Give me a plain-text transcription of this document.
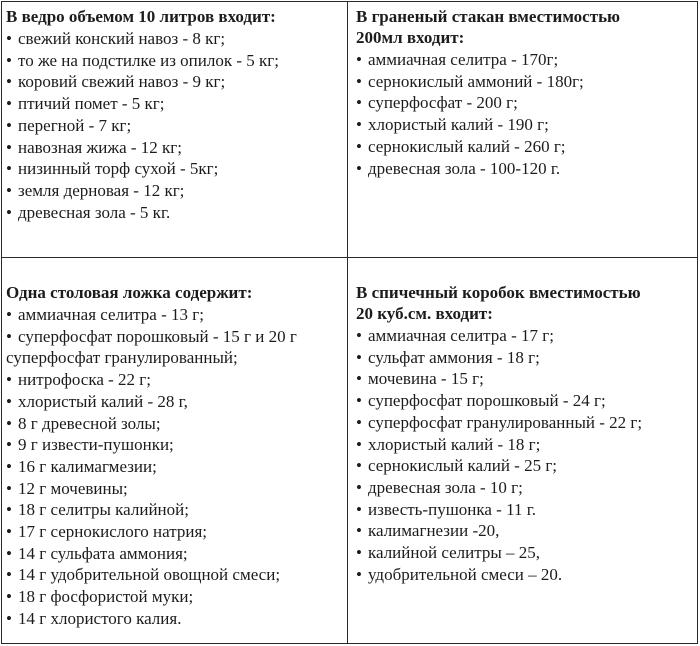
В ведро объемом 10 литров входит:
• свежий конский навоз - 8 кг;
• то же на подстилке из опилок - 5 кг;
• коровий свежий навоз - 9 кг;
• птичий помет - 5 кг;
• перегной - 7 кг;
• навозная жижа - 12 кг;
• низинный торф сухой - 5кг;
• земля дерновая - 12 кг;
• древесная зола - 5 кг.
В граненый стакан вместимостью
200мл входит:
• аммиачная селитра - 170г;
• сернокислый аммоний - 180г;
• суперфосфат - 200 г;
• хлористый калий - 190 г;
• сернокислый калий - 260 г;
• древесная зола - 100-120 г.
Одна столовая ложка содержит:
• аммиачная селитра - 13 г;
• суперфосфат порошковый - 15 г и 20 г
суперфосфат гранулированный;
• нитрофоска - 22 г;
• хлористый калий - 28 г,
• 8 г древесной золы;
• 9 г извести-пушонки;
• 16 г калимагмезии;
• 12 г мочевины;
• 18 г селитры калийной;
• 17 г сернокислого натрия;
• 14 г сульфата аммония;
• 14 г удобрительной овощной смеси;
• 18 г фосфористой муки;
• 14 г хлористого калия.
В спичечный коробок вместимостью
20 куб.см. входит:
• аммиачная селитра - 17 г;
• сульфат аммония - 18 г;
• мочевина - 15 г;
• суперфосфат порошковый - 24 г;
• суперфосфат гранулированный - 22 г;
• хлористый калий - 18 г;
• сернокислый калий - 25 г;
• древесная зола - 10 г;
• известь-пушонка - 11 г.
• калимагнезии -20,
• калийной селитры – 25,
• удобрительной смеси – 20.
